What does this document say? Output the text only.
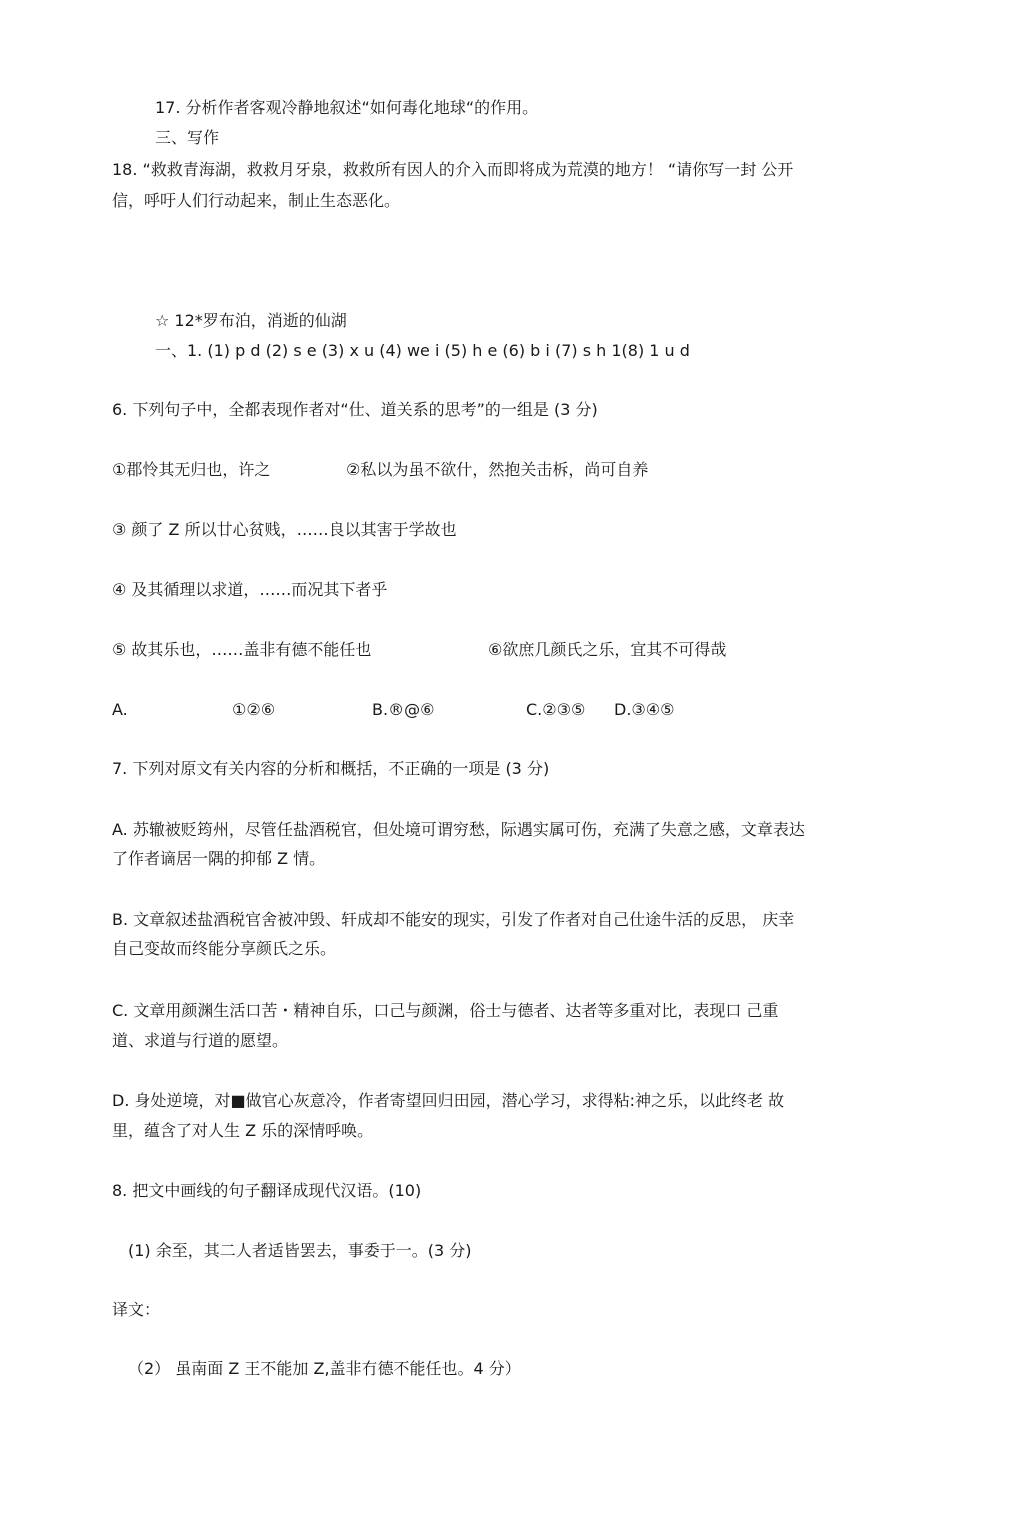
17. 分析作者客观冷静地叙述“如何毒化地球“的作用。
三、写作
18. “救救青海湖，救救月牙泉，救救所有因人的介入而即将成为荒漠的地方！ “请你写一封 公开
信，呼吁人们行动起来，制止生态恶化。
☆ 12*罗布泊，消逝的仙湖
一、1. (1) p d (2) s e (3) x u (4) we i (5) h e (6) b i (7) s h 1(8) 1 u d
6. 下列句子中，全都表现作者对“仕、道关系的思考”的一组是 (3 分)
①郡怜其无归也，许之	②私以为虽不欲什，然抱关击柝，尚可自养
③ 颜了 Z 所以廿心贫贱，……良以其害于学故也
④ 及其循理以求道，……而况其下者乎
⑤ 故其乐也，……盖非有德不能任也	⑥欲庶几颜氏之乐，宜其不可得哉
A.	①②⑥	B.®@⑥	C.②③⑤ D.③④⑤
7. 下列对原文有关内容的分析和概括，不正确的一项是 (3 分)
A. 苏辙被贬筠州，尽管任盐酒税官，但处境可谓穷愁，际遇实属可伤，充满了失意之感，文章表达
了作者谪居一隅的抑郁 Z 情。
B. 文章叙述盐酒税官舍被冲毁、轩成却不能安的现实，引发了作者对自己仕途牛活的反思， 庆幸
自己变故而终能分享颜氏之乐。
C. 文章用颜渊生活口苦・精神自乐，口己与颜渊，俗士与德者、达者等多重对比，表现口 己重
道、求道与行道的愿望。
D. 身处逆境，对■做官心灰意冷，作者寄望回归田园，潜心学习，求得粘:神之乐，以此终老 故
里，蕴含了对人生 Z 乐的深情呼唤。
8. 把文中画线的句子翻译成现代汉语。(10)
(1) 余至，其二人者适皆罢去，事委于一。(3 分)
译文：
（2） 虽南面 Z 王不能加 Z,盖非冇德不能任也。4 分）
